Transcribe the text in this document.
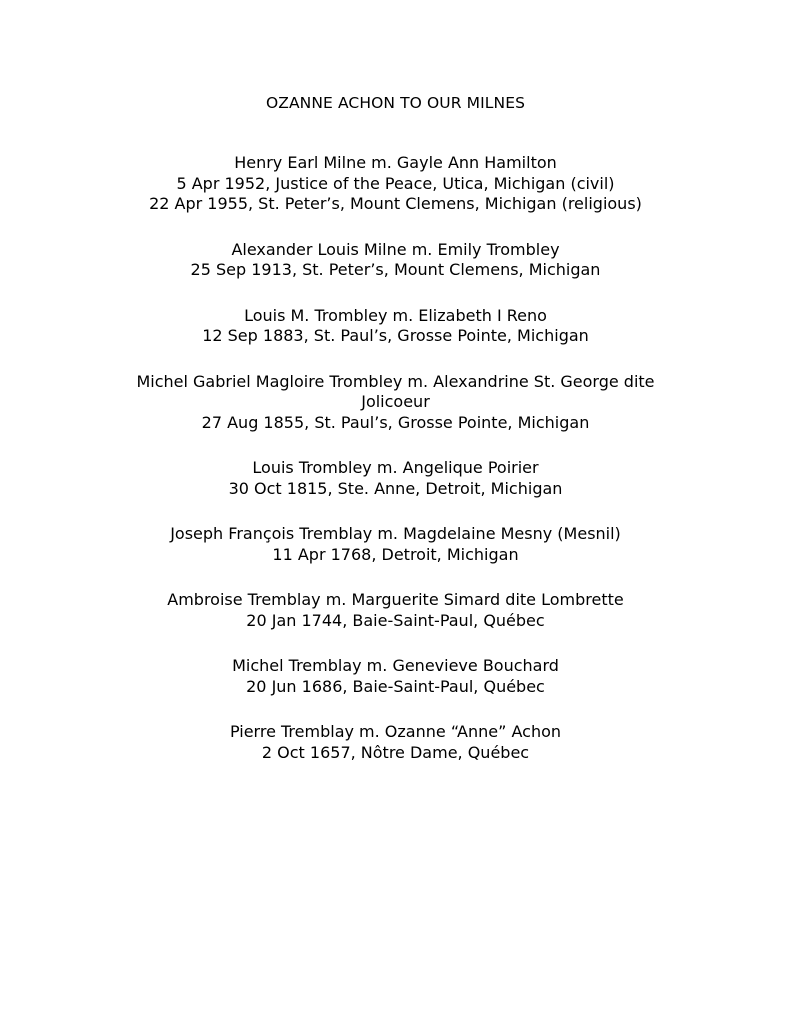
OZANNE ACHON TO OUR MILNES
Henry Earl Milne m. Gayle Ann Hamilton
5 Apr 1952, Justice of the Peace, Utica, Michigan (civil)
22 Apr 1955, St. Peter’s, Mount Clemens, Michigan (religious)
Alexander Louis Milne m. Emily Trombley
25 Sep 1913, St. Peter’s, Mount Clemens, Michigan
Louis M. Trombley m. Elizabeth I Reno
12 Sep 1883, St. Paul’s, Grosse Pointe, Michigan
Michel Gabriel Magloire Trombley m. Alexandrine St. George dite
Jolicoeur
27 Aug 1855, St. Paul’s, Grosse Pointe, Michigan
Louis Trombley m. Angelique Poirier
30 Oct 1815, Ste. Anne, Detroit, Michigan
Joseph François Tremblay m. Magdelaine Mesny (Mesnil)
11 Apr 1768, Detroit, Michigan
Ambroise Tremblay m. Marguerite Simard dite Lombrette
20 Jan 1744, Baie-Saint-Paul, Québec
Michel Tremblay m. Genevieve Bouchard
20 Jun 1686, Baie-Saint-Paul, Québec
Pierre Tremblay m. Ozanne “Anne” Achon
2 Oct 1657, Nôtre Dame, Québec
